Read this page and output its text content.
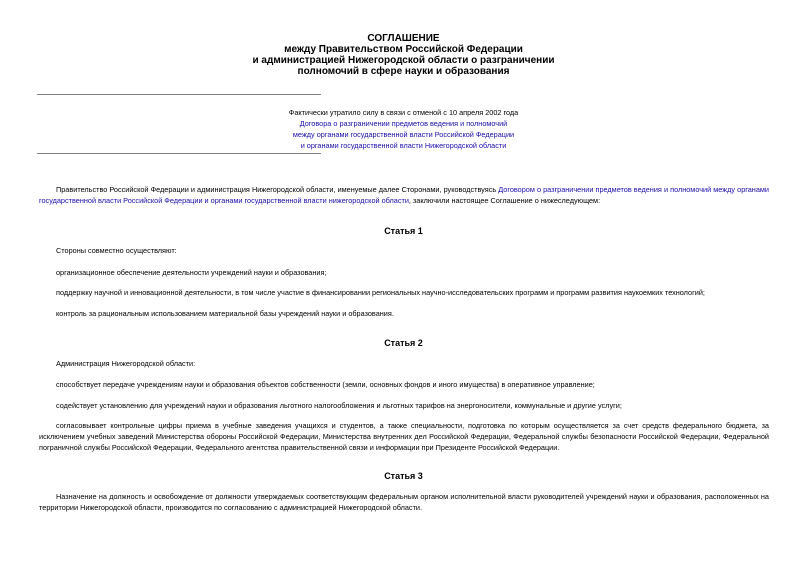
СОГЛАШЕНИЕ
между Правительством Российской Федерации
и администрацией Нижегородской области о разграничении
полномочий в сфере науки и образования
Фактически утратило силу в связи с отменой с 10 апреля 2002 года
Договора о разграничении предметов ведения и полномочий
между органами государственной власти Российской Федерации
и органами государственной власти Нижегородской области
Правительство Российской Федерации и администрация Нижегородской области, именуемые далее Сторонами, руководствуясь Договором о разграничении предметов ведения и полномочий между органами государственной власти Российской Федерации и органами государственной власти нижегородской области, заключили настоящее Соглашение о нижеследующем:
Статья 1
Стороны совместно осуществляют:
организационное обеспечение деятельности учреждений науки и образования;
поддержку научной и инновационной деятельности, в том числе участие в финансировании региональных научно-исследовательских программ и программ развития наукоемких технологий;
контроль за рациональным использованием материальной базы учреждений науки и образования.
Статья 2
Администрация Нижегородской области:
способствует передаче учреждениям науки и образования объектов собственности (земли, основных фондов и иного имущества) в оперативное управление;
содействует установлению для учреждений науки и образования льготного налогообложения и льготных тарифов на энергоносители, коммунальные и другие услуги;
согласовывает контрольные цифры приема в учебные заведения учащихся и студентов, а также специальности, подготовка по которым осуществляется за счет средств федерального бюджета, за исключением учебных заведений Министерства обороны Российской Федерации, Министерства внутренних дел Российской Федерации, Федеральной службы безопасности Российской Федерации, Федеральной пограничной службы Российской Федерации, Федерального агентства правительственной связи и информации при Президенте Российской Федерации.
Статья 3
Назначение на должность и освобождение от должности утверждаемых соответствующим федеральным органом исполнительной власти руководителей учреждений науки и образования, расположенных на территории Нижегородской области, производится по согласованию с администрацией Нижегородской области.
